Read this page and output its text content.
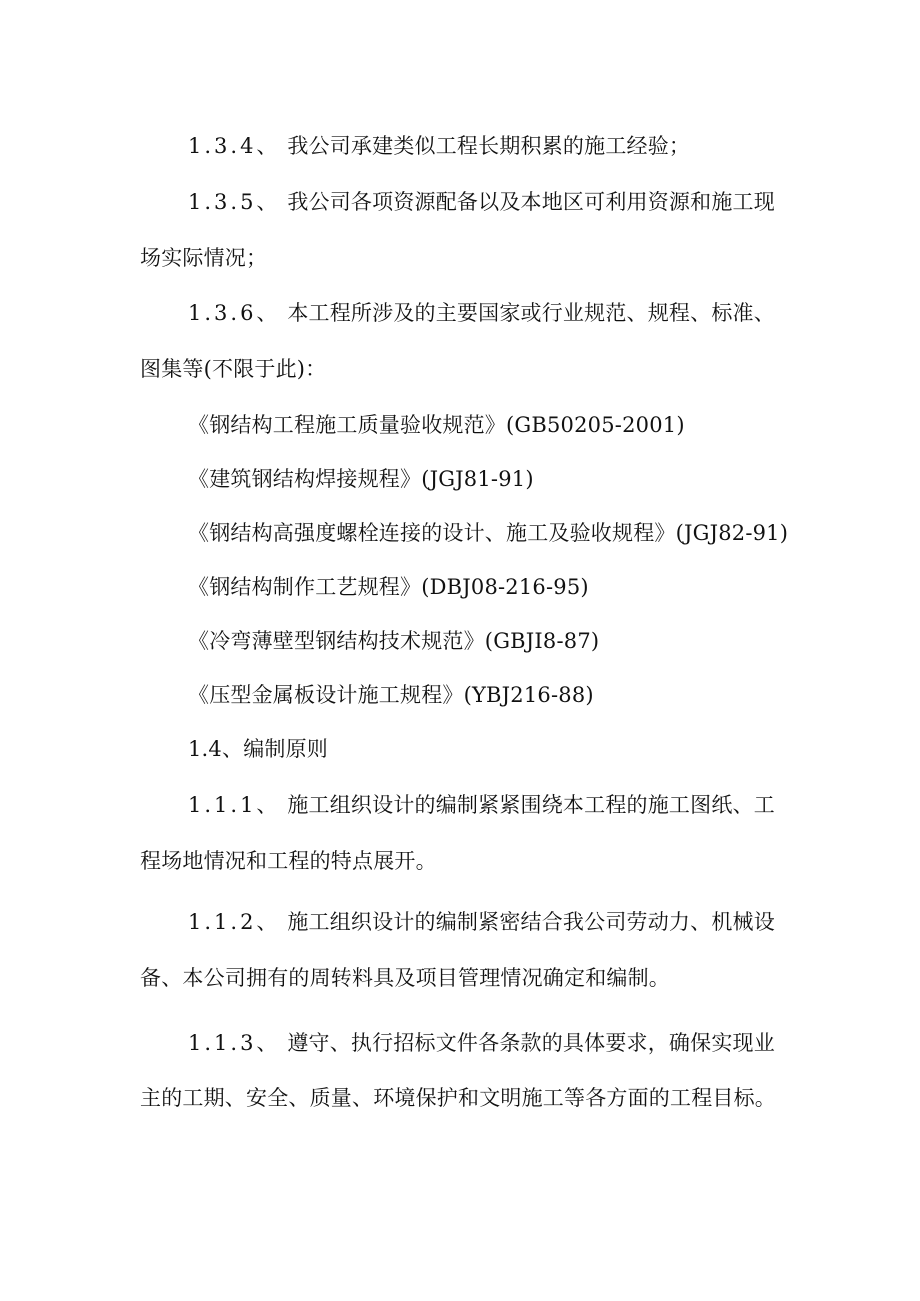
1.3.4、 我公司承建类似工程长期积累的施工经验；
1.3.5、 我公司各项资源配备以及本地区可利用资源和施工现
场实际情况；
1.3.6、 本工程所涉及的主要国家或行业规范、规程、标准、
图集等(不限于此)：
《钢结构工程施工质量验收规范》(GB50205-2001)
《建筑钢结构焊接规程》(JGJ81-91)
《钢结构高强度螺栓连接的设计、施工及验收规程》(JGJ82-91)
《钢结构制作工艺规程》(DBJ08-216-95)
《冷弯薄壁型钢结构技术规范》(GBJI8-87)
《压型金属板设计施工规程》(YBJ216-88)
1.4、编制原则
1.1.1、 施工组织设计的编制紧紧围绕本工程的施工图纸、工
程场地情况和工程的特点展开。
1.1.2、 施工组织设计的编制紧密结合我公司劳动力、机械设
备、本公司拥有的周转料具及项目管理情况确定和编制。
1.1.3、 遵守、执行招标文件各条款的具体要求，确保实现业
主的工期、安全、质量、环境保护和文明施工等各方面的工程目标。
